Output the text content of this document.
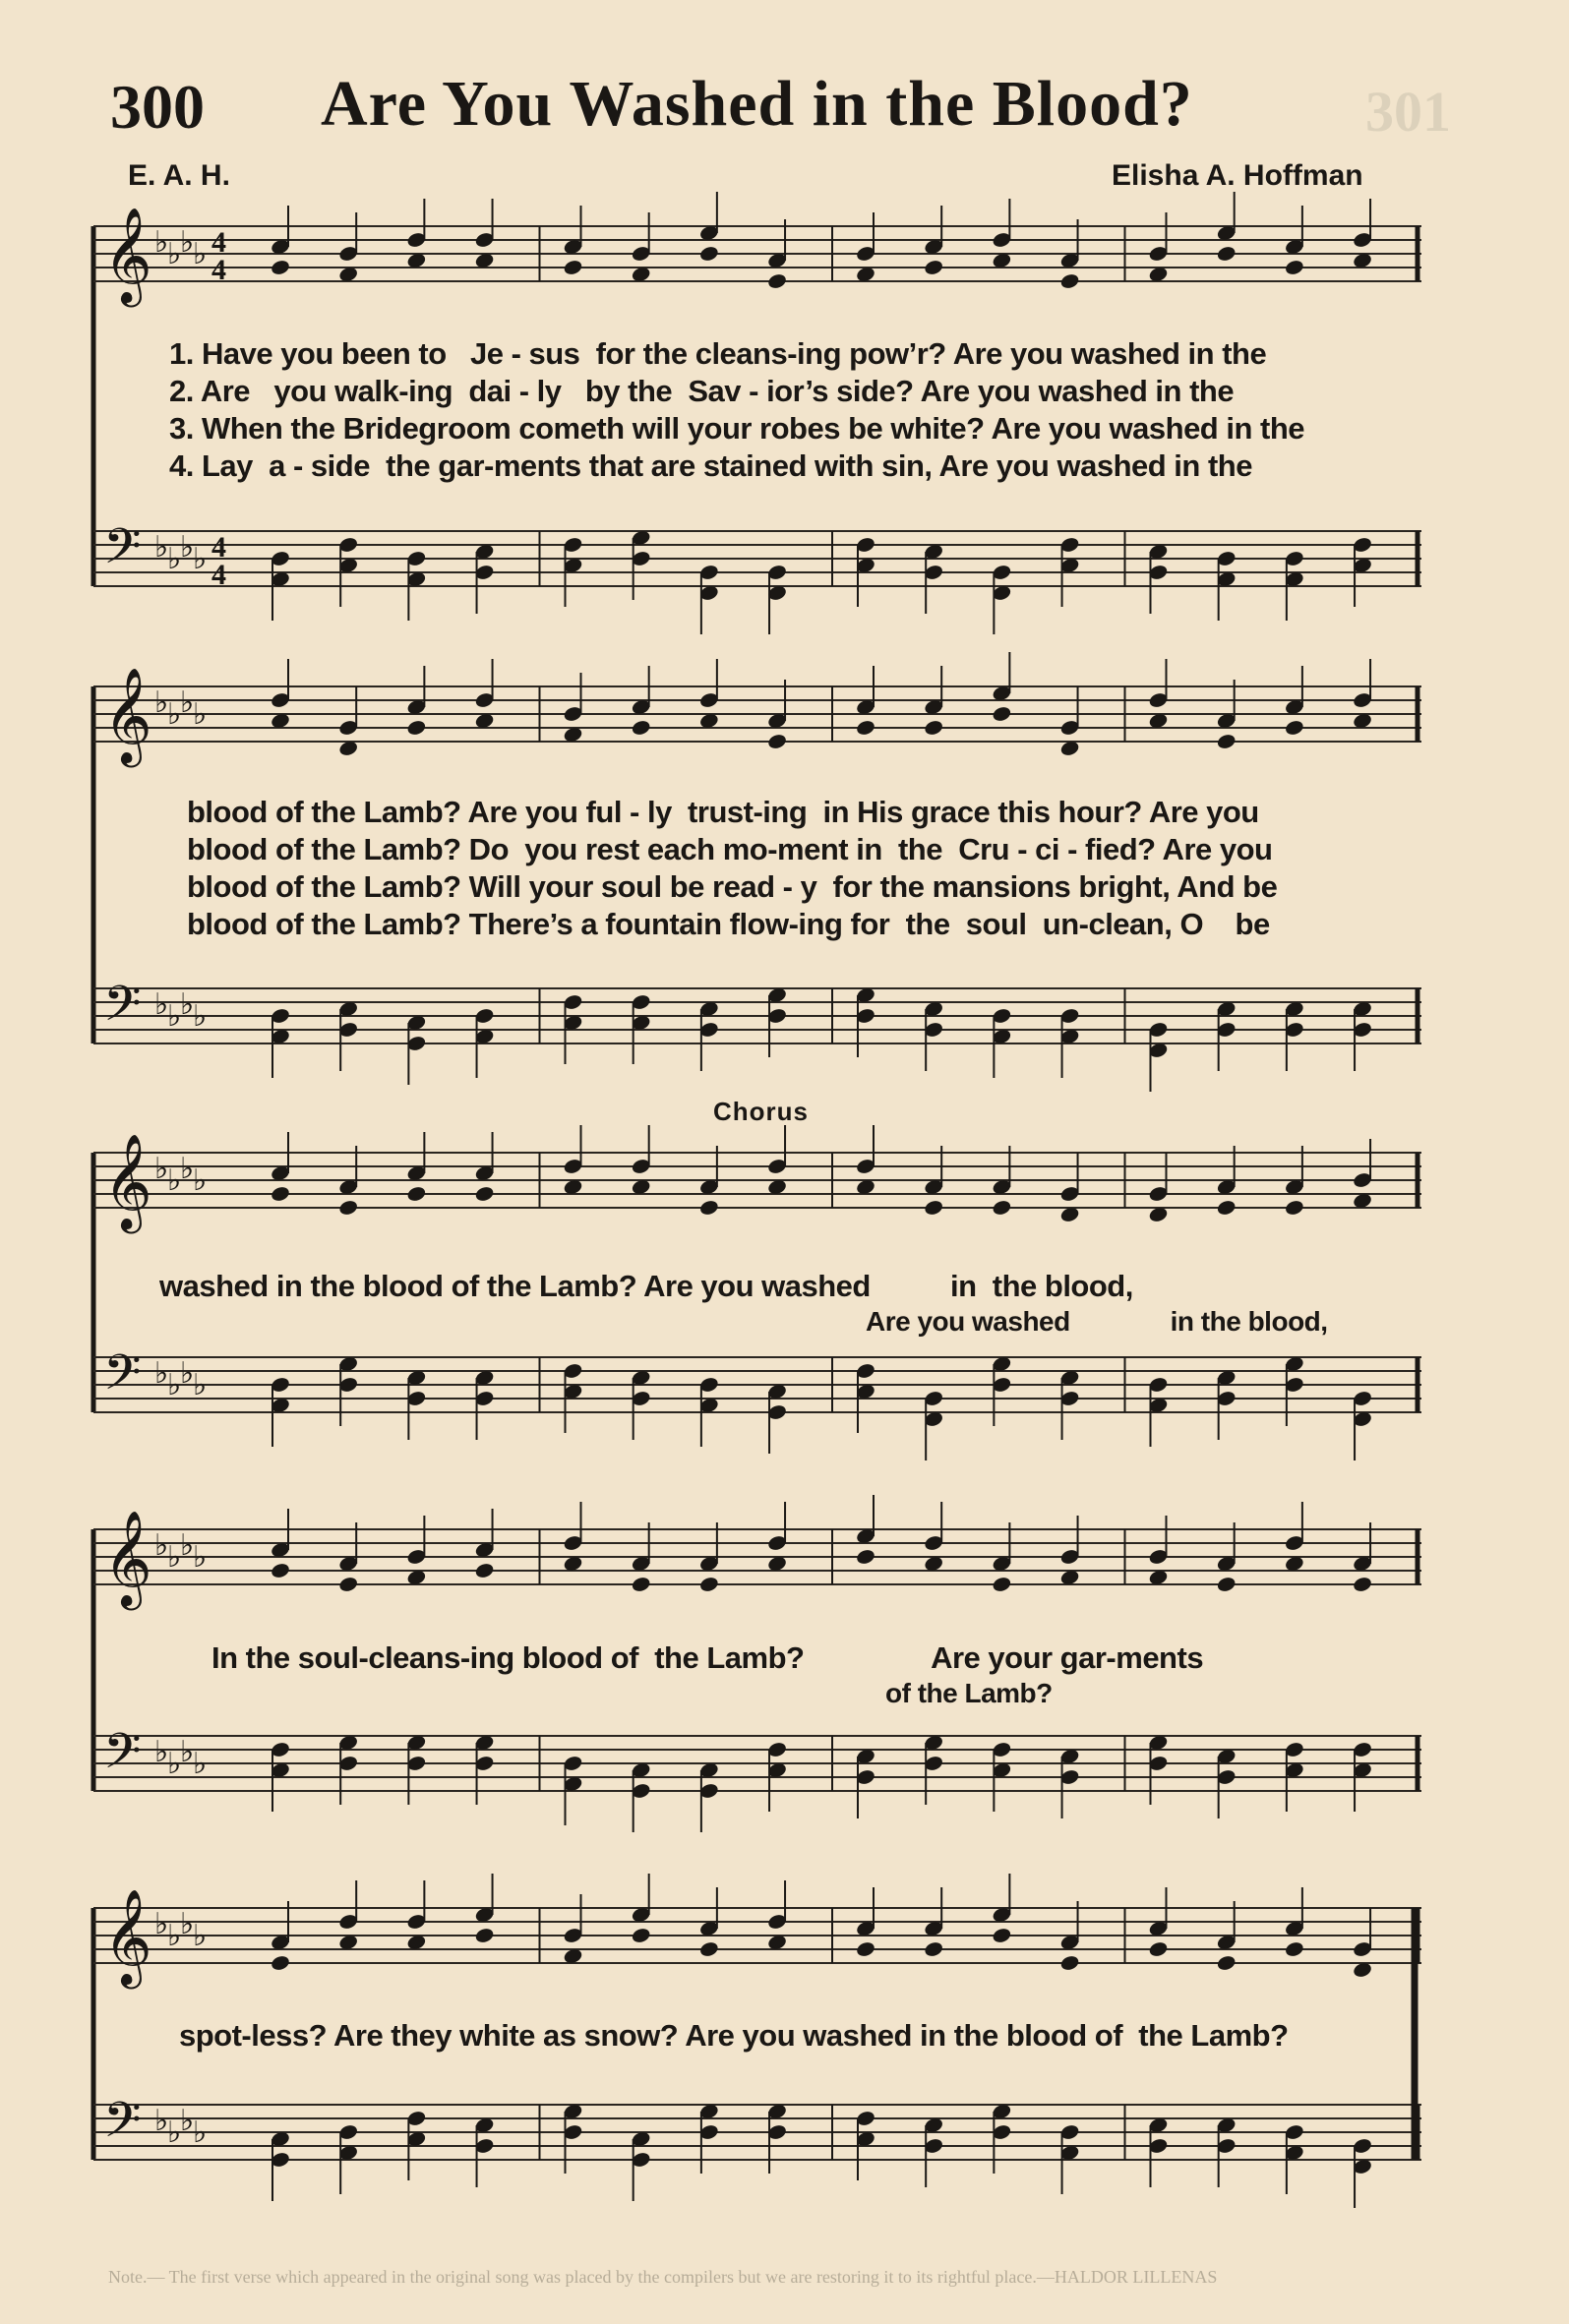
301
300 Are You Washed in the Blood?
E. A. H.	Elisha A. Hoffman
𝄞 ♭
♭
♭
♭ 4
4
𝄢 ♭
♭
♭
♭ 4
4
𝄞 ♭
♭
♭
♭
𝄢 ♭
♭
♭
♭
𝄞 ♭
♭
♭
♭
𝄢 ♭
♭
♭
♭
𝄞 ♭
♭
♭
♭
𝄢 ♭
♭
♭
♭
𝄞 ♭
♭
♭
♭
𝄢 ♭
♭
♭
♭
1. Have you been to   Je - sus  for the cleans-ing pow’r? Are you washed in the
2. Are   you walk-ing  dai - ly   by the  Sav - ior’s side? Are you washed in the
3. When the Bridegroom cometh will your robes be white? Are you washed in the
4. Lay  a - side  the gar-ments that are stained with sin, Are you washed in the
blood of the Lamb? Are you ful - ly  trust-ing  in His grace this hour? Are you
blood of the Lamb? Do  you rest each mo-ment in  the  Cru - ci - fied? Are you
blood of the Lamb? Will your soul be read - y  for the mansions bright, And be
blood of the Lamb? There’s a fountain flow-ing for  the  soul  un-clean, O    be
Chorus
washed in the blood of the Lamb? Are you washed          in  the blood,
Are you washed              in the blood,
In the soul-cleans-ing blood of  the Lamb?                Are your gar-ments
of the Lamb?
spot-less? Are they white as snow? Are you washed in the blood of  the Lamb?
Note.— The first verse which appeared in the original song was placed by the compilers but we are restoring it to its rightful place.—HALDOR LILLENAS
